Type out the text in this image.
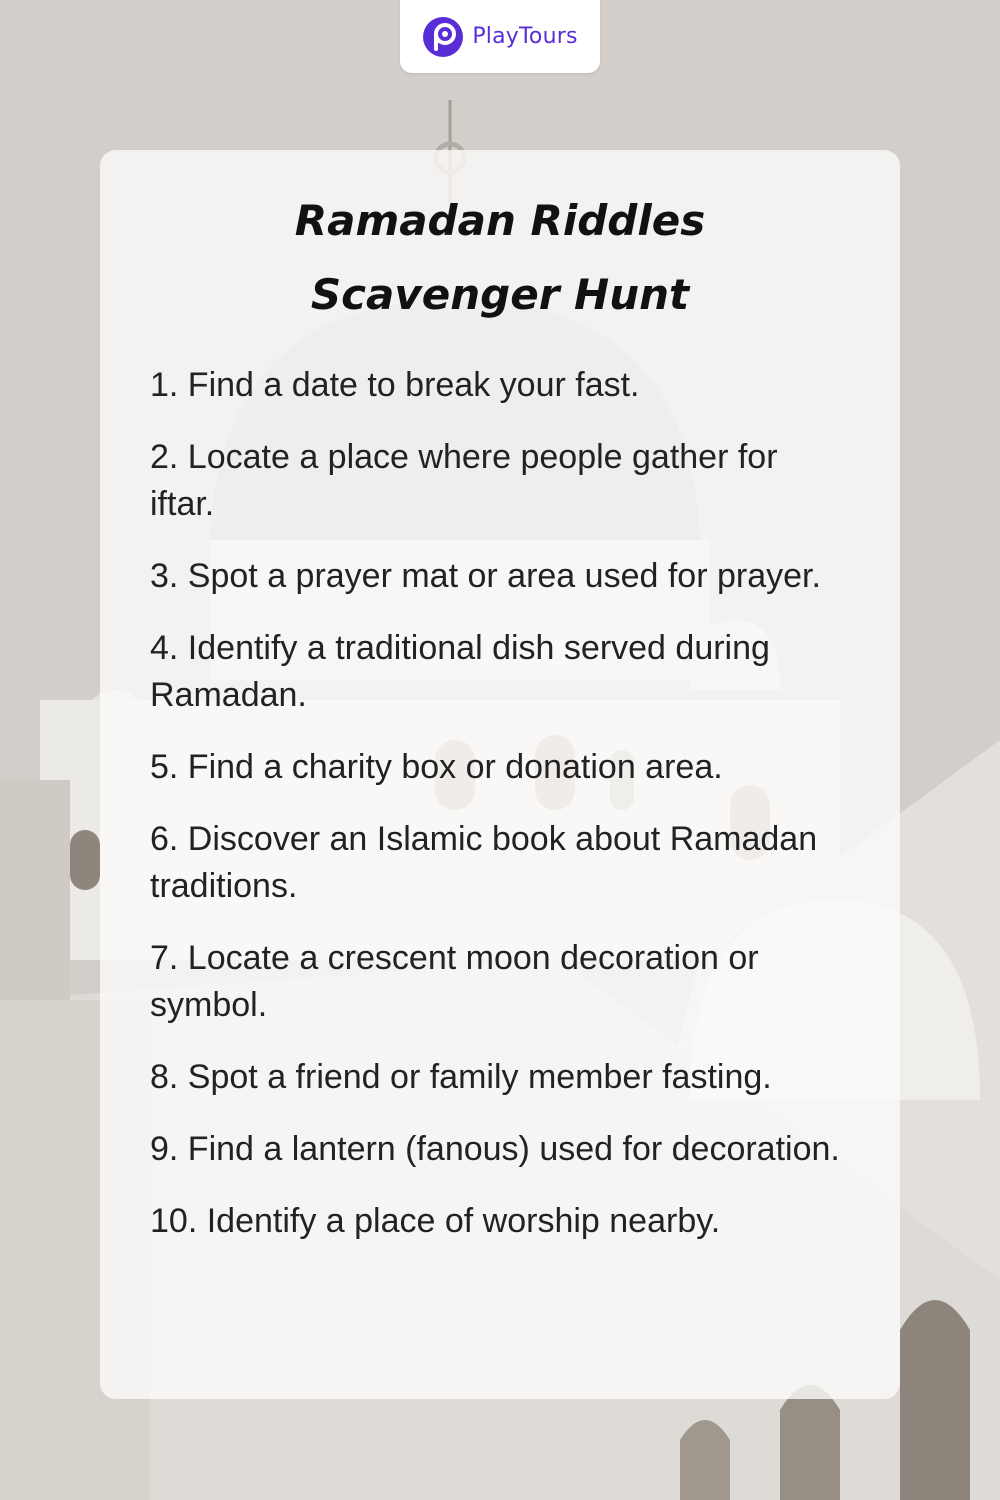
PlayTours
Ramadan Riddles
Scavenger Hunt
1. Find a date to break your fast.
2. Locate a place where people gather for iftar.
3. Spot a prayer mat or area used for prayer.
4. Identify a traditional dish served during Ramadan.
5. Find a charity box or donation area.
6. Discover an Islamic book about Ramadan traditions.
7. Locate a crescent moon decoration or symbol.
8. Spot a friend or family member fasting.
9. Find a lantern (fanous) used for decoration.
10. Identify a place of worship nearby.
